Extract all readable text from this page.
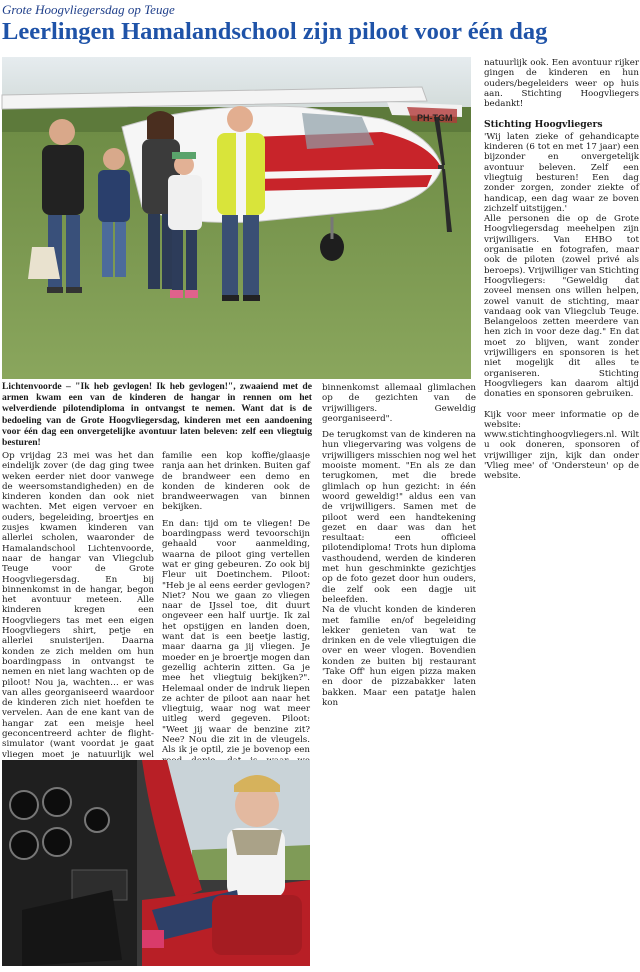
Grote Hoogvliegersdag op Teuge
Leerlingen Hamalandschool zijn piloot voor één dag
PH-TGM

natuurlijk ook. Een avontuur rijker gingen de kinderen en hun ouders/begeleiders weer op huis aan. Stichting Hoogvliegers bedankt!

Stichting Hoogvliegers

'Wij laten zieke of gehandicapte kinderen (6 tot en met 17 jaar) een bijzonder en onvergetelijk avontuur beleven. Zelf een vliegtuig besturen! Een dag zonder zorgen, zonder ziekte of handicap, een dag waar ze boven zichzelf uitstijgen.'

Alle personen die op de Grote Hoogvliegersdag meehelpen zijn vrijwilligers. Van EHBO tot organisatie en fotografen, maar ook de piloten (zowel privé als beroeps). Vrijwilliger van Stichting Hoogvliegers: "Geweldig dat zoveel mensen ons willen helpen, zowel vanuit de stichting, maar vandaag ook van Vliegclub Teuge. Belangeloos zetten meerdere van hen zich in voor deze dag." En dat moet zo blijven, want zonder vrijwilligers en sponsoren is het niet mogelijk dit alles te organiseren. Stichting Hoogvliegers kan daarom altijd donaties en sponsoren gebruiken.

Kijk voor meer informatie op de website: www.stichtinghoogvliegers.nl. Wilt u ook doneren, sponsoren of vrijwilliger zijn, kijk dan onder 'Vlieg mee' of 'Ondersteun' op de website.

Lichtenvoorde – "Ik heb gevlogen! Ik heb gevlogen!", zwaaiend met de armen kwam een van de kinderen de hangar in rennen om het welverdiende pilotendiploma in ontvangst te nemen. Want dat is de bedoeling van de Grote Hoogvliegersdag, kinderen met een aandoening voor één dag een onvergetelijke avontuur laten beleven: zelf een vliegtuig besturen!

Op vrijdag 23 mei was het dan eindelijk zover (de dag ging twee weken eerder niet door vanwege de weersomstandigheden) en de kinderen konden dan ook niet wachten. Met eigen vervoer en ouders, begeleiding, broertjes en zusjes kwamen kinderen van allerlei scholen, waaronder de Hamalandschool Lichtenvoorde, naar de hangar van Vliegclub Teuge voor de Grote Hoogvliegersdag. En bij binnenkomst in de hangar, begon het avontuur meteen. Alle kinderen kregen een Hoogvliegers tas met een eigen Hoogvliegers shirt, petje en allerlei snuisterijen. Daarna konden ze zich melden om hun boardingpass in ontvangst te nemen en niet lang wachten op de piloot! Nou ja, wachten… er was van alles georganiseerd waardoor de kinderen zich niet hoefden te vervelen. Aan de ene kant van de hangar zat een meisje heel geconcentreerd achter de flight-simulator (want voordat je gaat vliegen moet je natuurlijk wel

familie een kop koffie/glaasje ranja aan het drinken. Buiten gaf de brandweer een demo en konden de kinderen ook de brandweerwagen van binnen bekijken.

En dan: tijd om te vliegen! De boardingpass werd tevoorschijn gehaald voor aanmelding, waarna de piloot ging vertellen wat er ging gebeuren. Zo ook bij Fleur uit Doetinchem. Piloot: "Heb je al eens eerder gevlogen? Niet? Nou we gaan zo vliegen naar de IJssel toe, dit duurt ongeveer een half uurtje. Ik zal het opstijgen en landen doen, want dat is een beetje lastig, maar daarna ga jij vliegen. Je moeder en je broertje mogen dan gezellig achterin zitten. Ga je mee het vliegtuig bekijken?". Helemaal onder de indruk liepen ze achter de piloot aan naar het vliegtuig, waar nog wat meer uitleg werd gegeven. Piloot: "Weet jij waar de benzine zit? Nee? Nou die zit in de vleugels. Als ik je optil, zie je bovenop een

binnenkomst allemaal glimlachen op de gezichten van de vrijwilligers. Geweldig georganiseerd".

De terugkomst van de kinderen na hun vliegervaring was volgens de vrijwilligers misschien nog wel het mooiste moment. "En als ze dan terugkomen, met die brede glimlach op hun gezicht: in één woord geweldig!" aldus een van de vrijwilligers. Samen met de piloot werd een handtekening gezet en daar was dan het resultaat: een officieel pilotendiploma! Trots hun diploma vasthoudend, werden de kinderen met hun geschminkte gezichtjes op de foto gezet door hun ouders, die zelf ook een dagje uit beleefden.

Na de vlucht konden de kinderen met familie en/of begeleiding lekker genieten van wat te drinken en de vele vliegtuigen die over en weer vlogen. Bovendien konden ze buiten bij restaurant 'Take Off' hun eigen pizza maken en door de pizzabakker laten bakken. Maar een patatje halen kon
